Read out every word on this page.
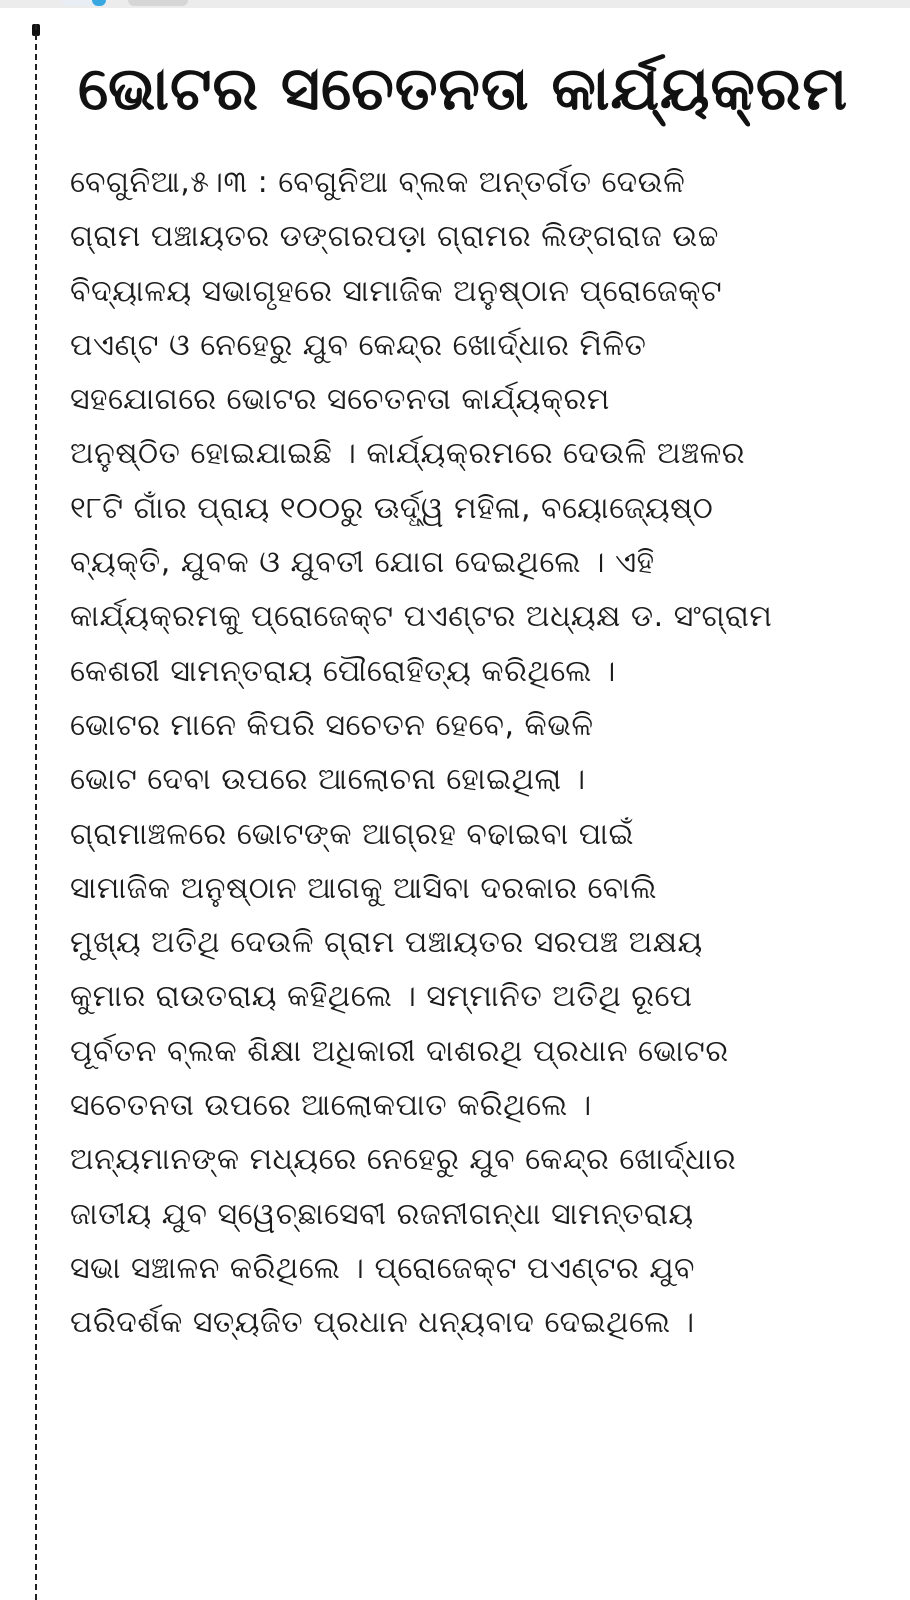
ଭୋଟର ସଚେତନତା କାର୍ଯ୍ୟକ୍ରମ
ବେଗୁନିଆ,୫।୩ : ବେଗୁନିଆ ବ୍ଲକ ଅନ୍ତର୍ଗତ ଦେଉଳି
ଗ୍ରାମ ପଞ୍ଚାୟତର ଡଙ୍ଗରପଡ଼ା ଗ୍ରାମର ଲିଙ୍ଗରାଜ ଉଚ୍ଚ
ବିଦ୍ୟାଳୟ ସଭାଗୃହରେ ସାମାଜିକ ଅନୁଷ୍ଠାନ ପ୍ରୋଜେକ୍ଟ
ପଏଣ୍ଟ ଓ ନେହେରୁ ଯୁବ କେନ୍ଦ୍ର ଖୋର୍ଦ୍ଧାର ମିଳିତ
ସହଯୋଗରେ ଭୋଟର ସଚେତନତା କାର୍ଯ୍ୟକ୍ରମ
ଅନୁଷ୍ଠିତ ହୋଇଯାଇଛି । କାର୍ଯ୍ୟକ୍ରମରେ ଦେଉଳି ଅଞ୍ଚଳର
୧୮ଟି ଗାଁର ପ୍ରାୟ ୧୦୦ରୁ ଊର୍ଦ୍ଧ୍ୱ ମହିଳା, ବୟୋଜ୍ୟେଷ୍ଠ
ବ୍ୟକ୍ତି, ଯୁବକ ଓ ଯୁବତୀ ଯୋଗ ଦେଇଥିଲେ । ଏହି
କାର୍ଯ୍ୟକ୍ରମକୁ ପ୍ରୋଜେକ୍ଟ ପଏଣ୍ଟର ଅଧ୍ୟକ୍ଷ ଡ. ସଂଗ୍ରାମ
କେଶରୀ ସାମନ୍ତରାୟ ପୌରୋହିତ୍ୟ କରିଥିଲେ ।
ଭୋଟର ମାନେ କିପରି ସଚେତନ ହେବେ, କିଭଳି
ଭୋଟ ଦେବା ଉପରେ ଆଲୋଚନା ହୋଇଥିଲା ।
ଗ୍ରାମାଞ୍ଚଳରେ ଭୋଟଙ୍କ ଆଗ୍ରହ ବଢାଇବା ପାଇଁ
ସାମାଜିକ ଅନୁଷ୍ଠାନ ଆଗକୁ ଆସିବା ଦରକାର ବୋଲି
ମୁଖ୍ୟ ଅତିଥି ଦେଉଳି ଗ୍ରାମ ପଞ୍ଚାୟତର ସରପଞ୍ଚ ଅକ୍ଷୟ
କୁମାର ରାଉତରାୟ କହିଥିଲେ । ସମ୍ମାନିତ ଅତିଥି ରୂପେ
ପୂର୍ବତନ ବ୍ଲକ ଶିକ୍ଷା ଅଧିକାରୀ ଦାଶରଥି ପ୍ରଧାନ ଭୋଟର
ସଚେତନତା ଉପରେ ଆଲୋକପାତ କରିଥିଲେ ।
ଅନ୍ୟମାନଙ୍କ ମଧ୍ୟରେ ନେହେରୁ ଯୁବ କେନ୍ଦ୍ର ଖୋର୍ଦ୍ଧାର
ଜାତୀୟ ଯୁବ ସ୍ୱେଚ୍ଛାସେବୀ ରଜନୀଗନ୍ଧା ସାମନ୍ତରାୟ
ସଭା ସଞ୍ଚାଳନ କରିଥିଲେ । ପ୍ରୋଜେକ୍ଟ ପଏଣ୍ଟର ଯୁବ
ପରିଦର୍ଶକ ସତ୍ୟଜିତ ପ୍ରଧାନ ଧନ୍ୟବାଦ ଦେଇଥିଲେ ।
